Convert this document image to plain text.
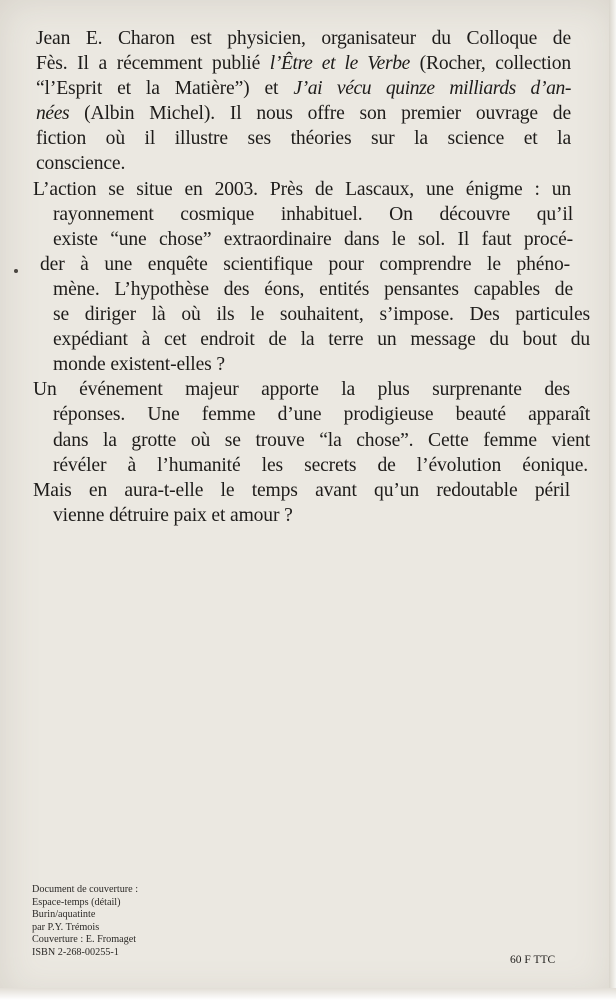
Jean E. Charon est physicien, organisateur du Colloque de
Fès. Il a récemment publié l’Être et le Verbe (Rocher, collection
“l’Esprit et la Matière”) et J’ai vécu quinze milliards d’an-
nées (Albin Michel). Il nous offre son premier ouvrage de
fiction où il illustre ses théories sur la science et la
conscience.
L’action se situe en 2003. Près de Lascaux, une énigme : un
rayonnement cosmique inhabituel. On découvre qu’il
existe “une chose” extraordinaire dans le sol. Il faut procé-
der à une enquête scientifique pour comprendre le phéno-
mène. L’hypothèse des éons, entités pensantes capables de
se diriger là où ils le souhaitent, s’impose. Des particules
expédiant à cet endroit de la terre un message du bout du
monde existent-elles ?
Un événement majeur apporte la plus surprenante des
réponses. Une femme d’une prodigieuse beauté apparaît
dans la grotte où se trouve “la chose”. Cette femme vient
révéler à l’humanité les secrets de l’évolution éonique.
Mais en aura-t-elle le temps avant qu’un redoutable péril
vienne détruire paix et amour ?
Document de couverture :
Espace-temps (détail)
Burin/aquatinte
par P.Y. Trémois
Couverture : E. Fromaget
ISBN 2-268-00255-1
60 F TTC
